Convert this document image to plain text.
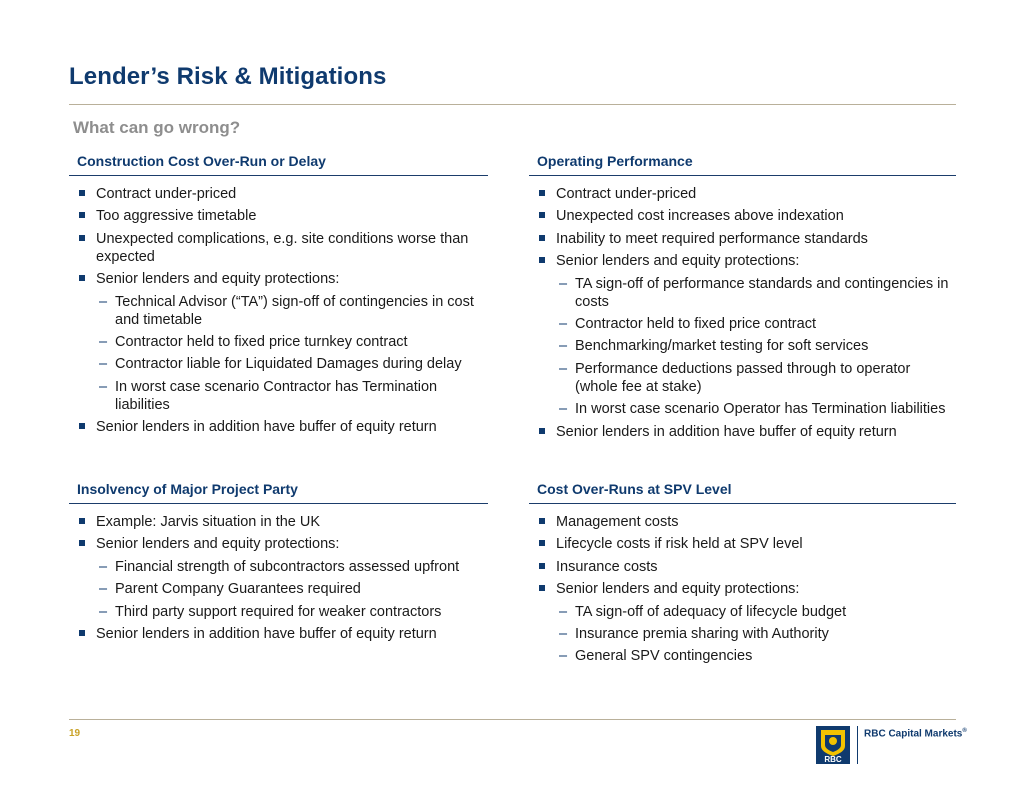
Lender’s Risk & Mitigations
What can go wrong?
Construction Cost Over-Run or Delay
Contract under-priced
Too aggressive timetable
Unexpected complications, e.g. site conditions worse than expected
Senior lenders and equity protections:
– Technical Advisor (“TA”) sign-off of contingencies in cost and timetable
– Contractor held to fixed price turnkey contract
– Contractor liable for Liquidated Damages during delay
– In worst case scenario Contractor has Termination liabilities
Senior lenders in addition have buffer of equity return
Operating Performance
Contract under-priced
Unexpected cost increases above indexation
Inability to meet required performance standards
Senior lenders and equity protections:
– TA sign-off of performance standards and contingencies in costs
– Contractor held to fixed price contract
– Benchmarking/market testing for soft services
– Performance deductions passed through to operator (whole fee at stake)
– In worst case scenario Operator has Termination liabilities
Senior lenders in addition have buffer of equity return
Insolvency of Major Project Party
Example: Jarvis situation in the UK
Senior lenders and equity protections:
– Financial strength of subcontractors assessed upfront
– Parent Company Guarantees required
– Third party support required for weaker contractors
Senior lenders in addition have buffer of equity return
Cost Over-Runs at SPV Level
Management costs
Lifecycle costs if risk held at SPV level
Insurance costs
Senior lenders and equity protections:
– TA sign-off of adequacy of lifecycle budget
– Insurance premia sharing with Authority
– General SPV contingencies
19
RBC
RBC Capital Markets®
